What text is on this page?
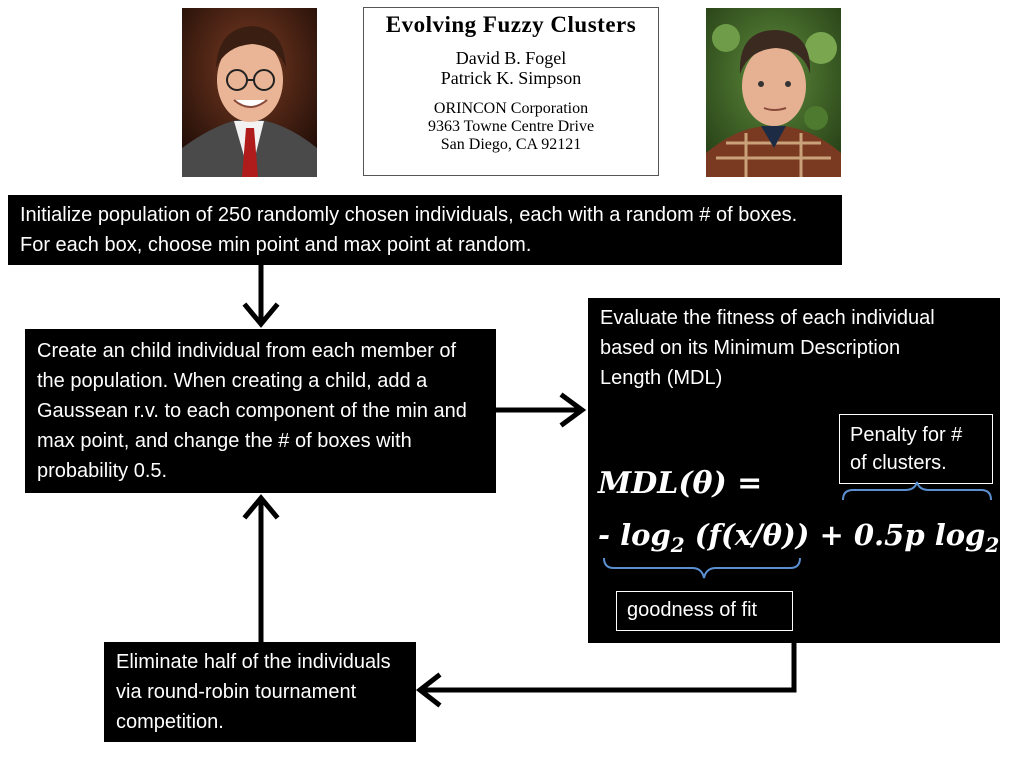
Evolving Fuzzy Clusters
David B. Fogel
Patrick K. Simpson
ORINCON Corporation
9363 Towne Centre Drive
San Diego, CA 92121
Initialize population of 250 randomly chosen individuals, each with a random # of boxes. For each box, choose min point and max point at random.
Create an child individual from each member of the population. When creating a child, add a Gaussean r.v. to each component of the min and max point, and change the # of boxes with probability 0.5.
Evaluate the fitness of each individual based on its Minimum Description Length (MDL)
Eliminate half of the individuals via round-robin tournament competition.
MDL(θ) =
- $\log_2 (f(x/\theta)) + 0.5p$ $\log_2n$
Penalty for # of clusters.
goodness of fit
